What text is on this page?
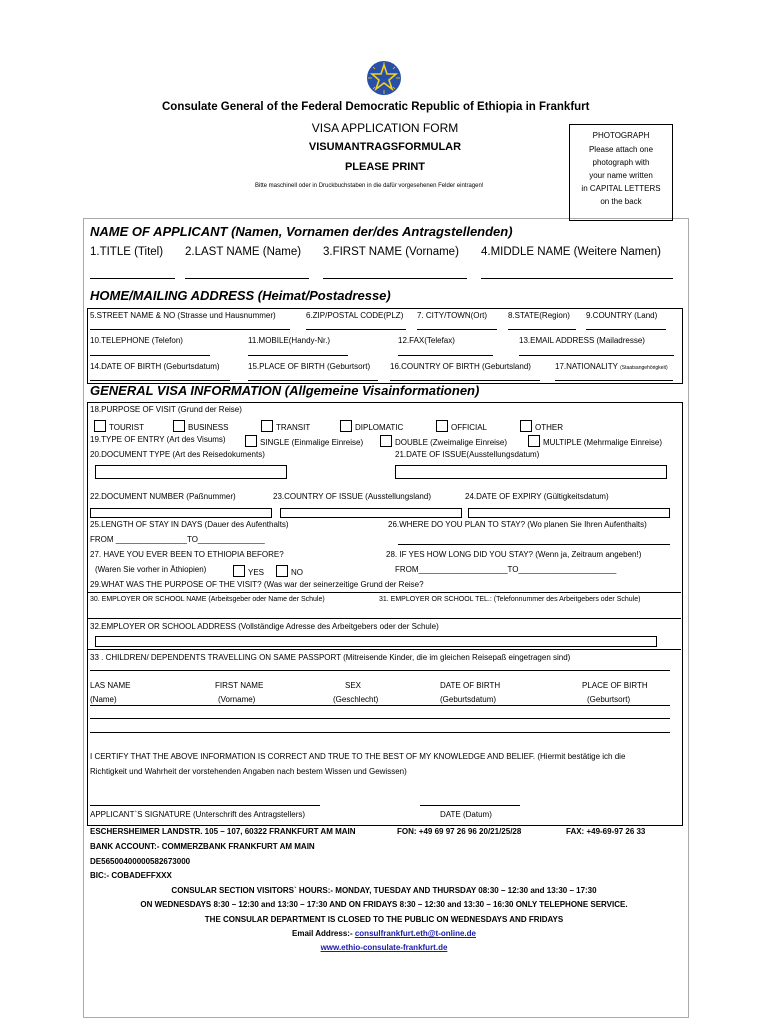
Consulate General of the Federal Democratic Republic of Ethiopia in Frankfurt
VISA APPLICATION FORM
VISUMANTRAGSFORMULAR
PLEASE PRINT
Bitte maschinell oder in Druckbuchstaben in die dafür vorgesehenen Felder eintragen!
PHOTOGRAPH
Please attach one
photograph with
your name written
in CAPITAL LETTERS
on the back
NAME OF APPLICANT (Namen, Vornamen der/des Antragstellenden)
1.TITLE (Titel) 2.LAST NAME (Name) 3.FIRST NAME (Vorname) 4.MIDDLE NAME (Weitere Namen)
HOME/MAILING ADDRESS (Heimat/Postadresse)
5.STREET NAME & NO (Strasse und Hausnummer)	6.ZIP/POSTAL CODE(PLZ) 7. CITY/TOWN(Ort)	8.STATE(Region) 9.COUNTRY (Land)
10.TELEPHONE (Telefon)	11.MOBILE(Handy-Nr.)	12.FAX(Telefax)	13.EMAIL ADDRESS (Mailadresse)
14.DATE OF BIRTH (Geburtsdatum)	15.PLACE OF BIRTH (Geburtsort) 16.COUNTRY OF BIRTH (Geburtsland)	17.NATIONALITY (Staatsangehörigkeit)
GENERAL VISA INFORMATION (Allgemeine Visainformationen)
18.PURPOSE OF VISIT (Grund der Reise)
TOURIST	BUSINESS	TRANSIT	DIPLOMATIC	OFFICIAL	OTHER
19.TYPE OF ENTRY (Art des Visums)	SINGLE (Einmalige Einreise)	DOUBLE (Zweimalige Einreise)	MULTIPLE (Mehrmalige Einreise)
20.DOCUMENT TYPE (Art des Reisedokuments)	21.DATE OF ISSUE(Ausstellungsdatum)
22.DOCUMENT NUMBER (Paßnummer)	23.COUNTRY OF ISSUE (Ausstellungsland)	24.DATE OF EXPIRY (Gültigkeitsdatum)
25.LENGTH OF STAY IN DAYS (Dauer des Aufenthalts)	26.WHERE DO YOU PLAN TO STAY? (Wo planen Sie Ihren Aufenthalts)
FROM ________________TO_______________
27. HAVE YOU EVER BEEN TO ETHIOPIA BEFORE?	28. IF YES HOW LONG DID YOU STAY? (Wenn ja, Zeitraum angeben!)
(Waren Sie vorher in Äthiopien)	YES	NO	FROM____________________TO______________________
29.WHAT WAS THE PURPOSE OF THE VISIT? (Was war der seinerzeitige Grund der Reise?
30. EMPLOYER OR SCHOOL NAME (Arbeitsgeber oder Name der Schule)	31. EMPLOYER OR SCHOOL TEL.: (Telefonnummer des Arbeitgebers oder Schule)
32.EMPLOYER OR SCHOOL ADDRESS (Vollständige Adresse des Arbeitgebers oder der Schule)
33 . CHILDREN/ DEPENDENTS TRAVELLING ON SAME PASSPORT (Mitreisende Kinder, die im gleichen Reisepaß eingetragen sind)
LAS NAME	FIRST NAME	SEX	DATE OF BIRTH	PLACE OF BIRTH
(Name)	(Vorname)	(Geschlecht)	(Geburtsdatum)	(Geburtsort)
I CERTIFY THAT THE ABOVE INFORMATION IS CORRECT AND TRUE TO THE BEST OF MY KNOWLEDGE AND BELIEF. (Hiermit bestätige ich die
Richtigkeit und Wahrheit der vorstehenden Angaben nach bestem Wissen und Gewissen)
APPLICANT`S SIGNATURE (Unterschrift des Antragstellers)	DATE (Datum)
ESCHERSHEIMER LANDSTR. 105 – 107, 60322 FRANKFURT AM MAIN	FON: +49 69 97 26 96 20/21/25/28	FAX: +49-69-97 26 33
BANK ACCOUNT:- COMMERZBANK FRANKFURT AM MAIN
DE56500400000582673000
BIC:- COBADEFFXXX
CONSULAR SECTION VISITORS` HOURS:- MONDAY, TUESDAY AND THURSDAY 08:30 – 12:30 and 13:30 – 17:30
ON WEDNESDAYS 8:30 – 12:30 and 13:30 – 17:30 AND ON FRIDAYS 8:30 – 12:30 and 13:30 – 16:30 ONLY TELEPHONE SERVICE.
THE CONSULAR DEPARTMENT IS CLOSED TO THE PUBLIC ON WEDNESDAYS AND FRIDAYS
Email Address:- consulfrankfurt.eth@t-online.de
www.ethio-consulate-frankfurt.de
